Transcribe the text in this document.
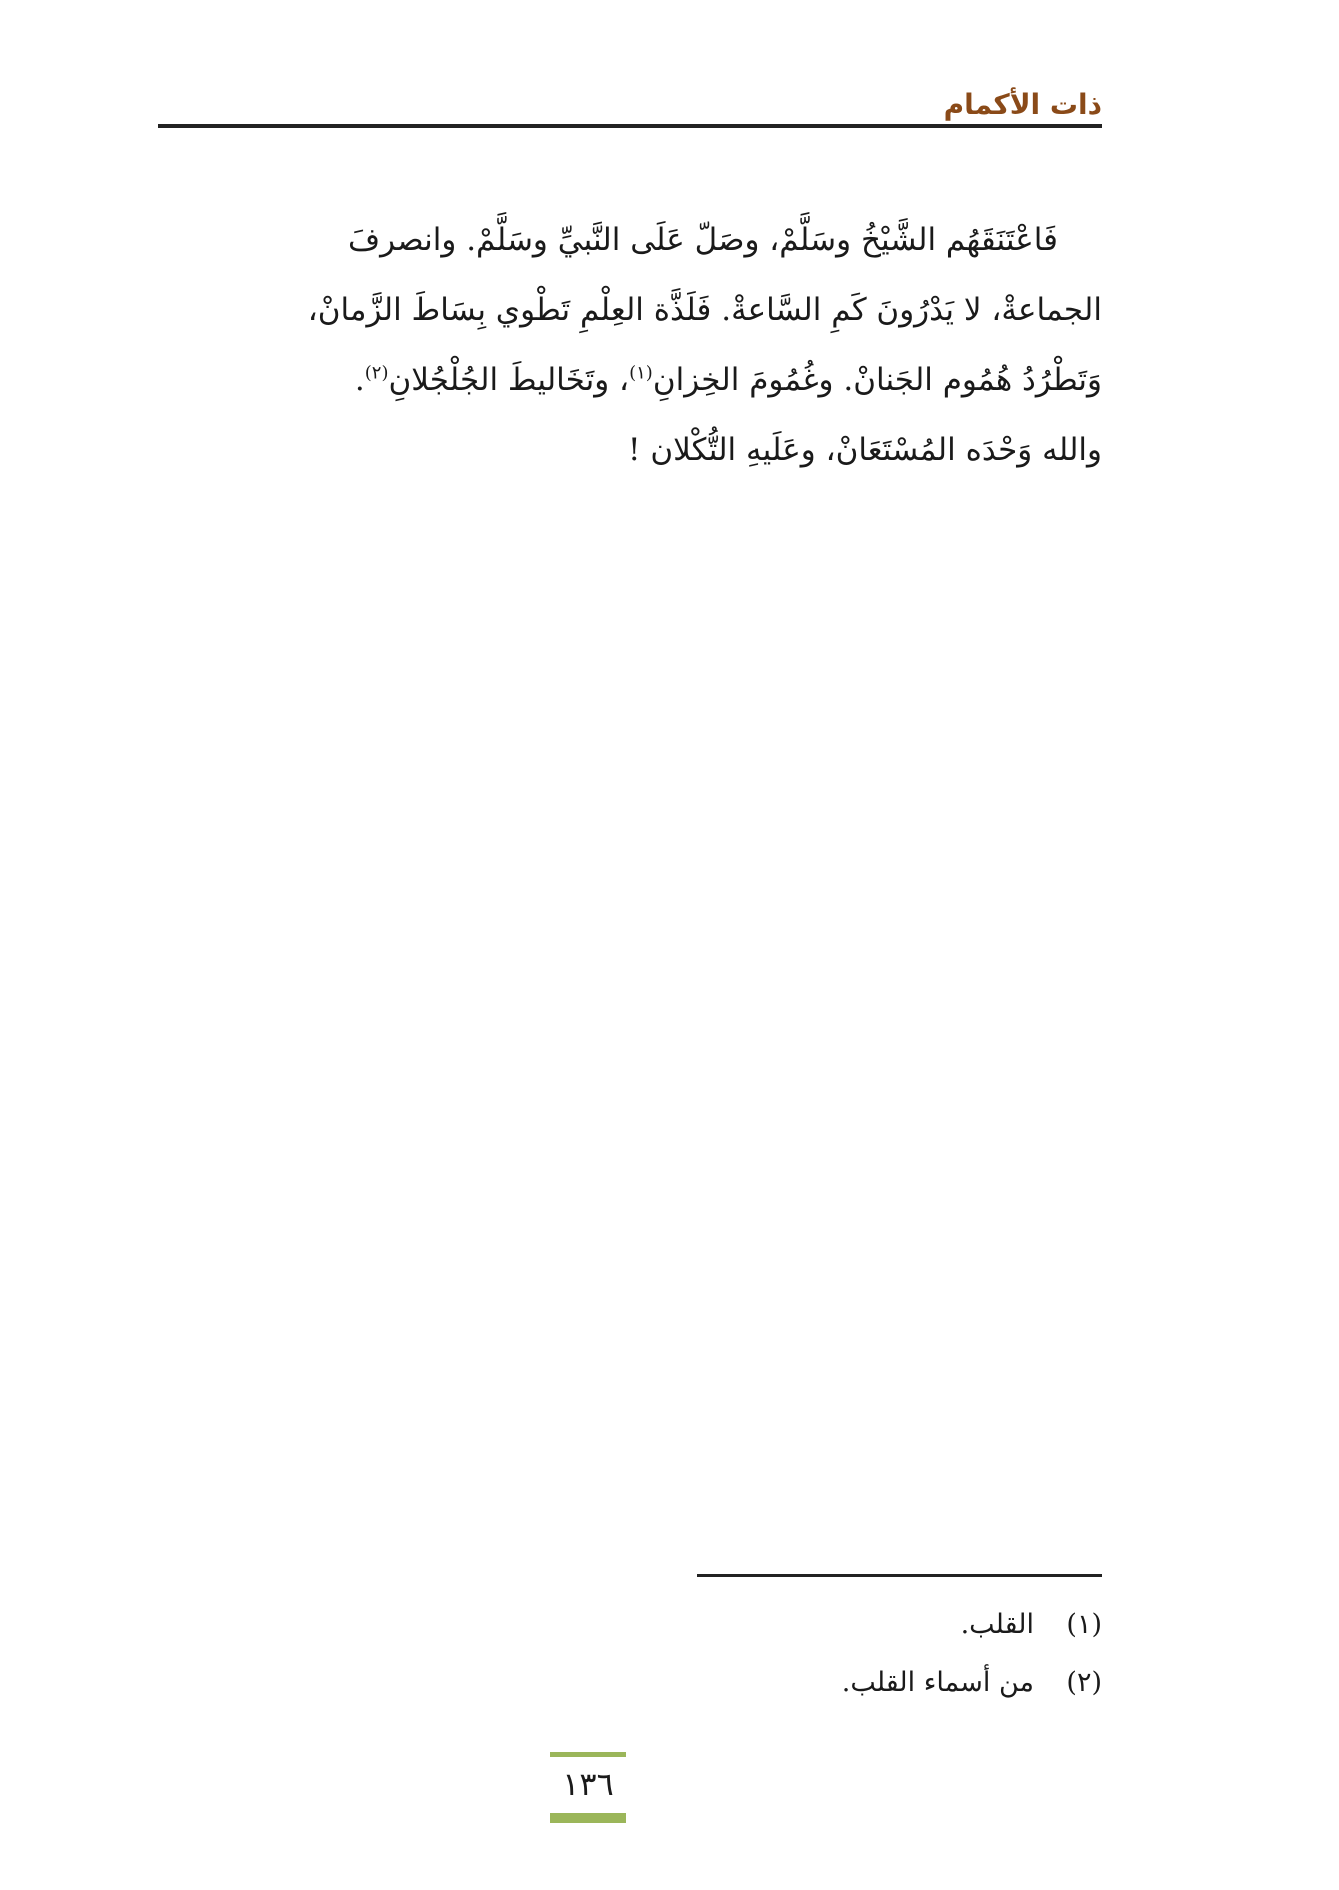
ذات الأكمام
فَاعْتَنَقَهُم الشَّيْخُ وسَلَّمْ، وصَلّ عَلَى النَّبيِّ وسَلَّمْ. وانصرفَ
الجماعةْ، لا يَدْرُونَ كَمِ السَّاعةْ. فَلَذَّة العِلْمِ تَطْوي بِسَاطَ الزَّمانْ،
وَتَطْرُدُ هُمُوم الجَنانْ. وغُمُومَ الخِزانِ$^{(١)}$، وتَخَاليطَ الجُلْجُلانِ$^{(٢)}$.
والله وَحْدَه المُسْتَعَانْ، وعَلَيهِ التُّكْلان !
(١)القلب.
(٢)من أسماء القلب.
١٣٦
